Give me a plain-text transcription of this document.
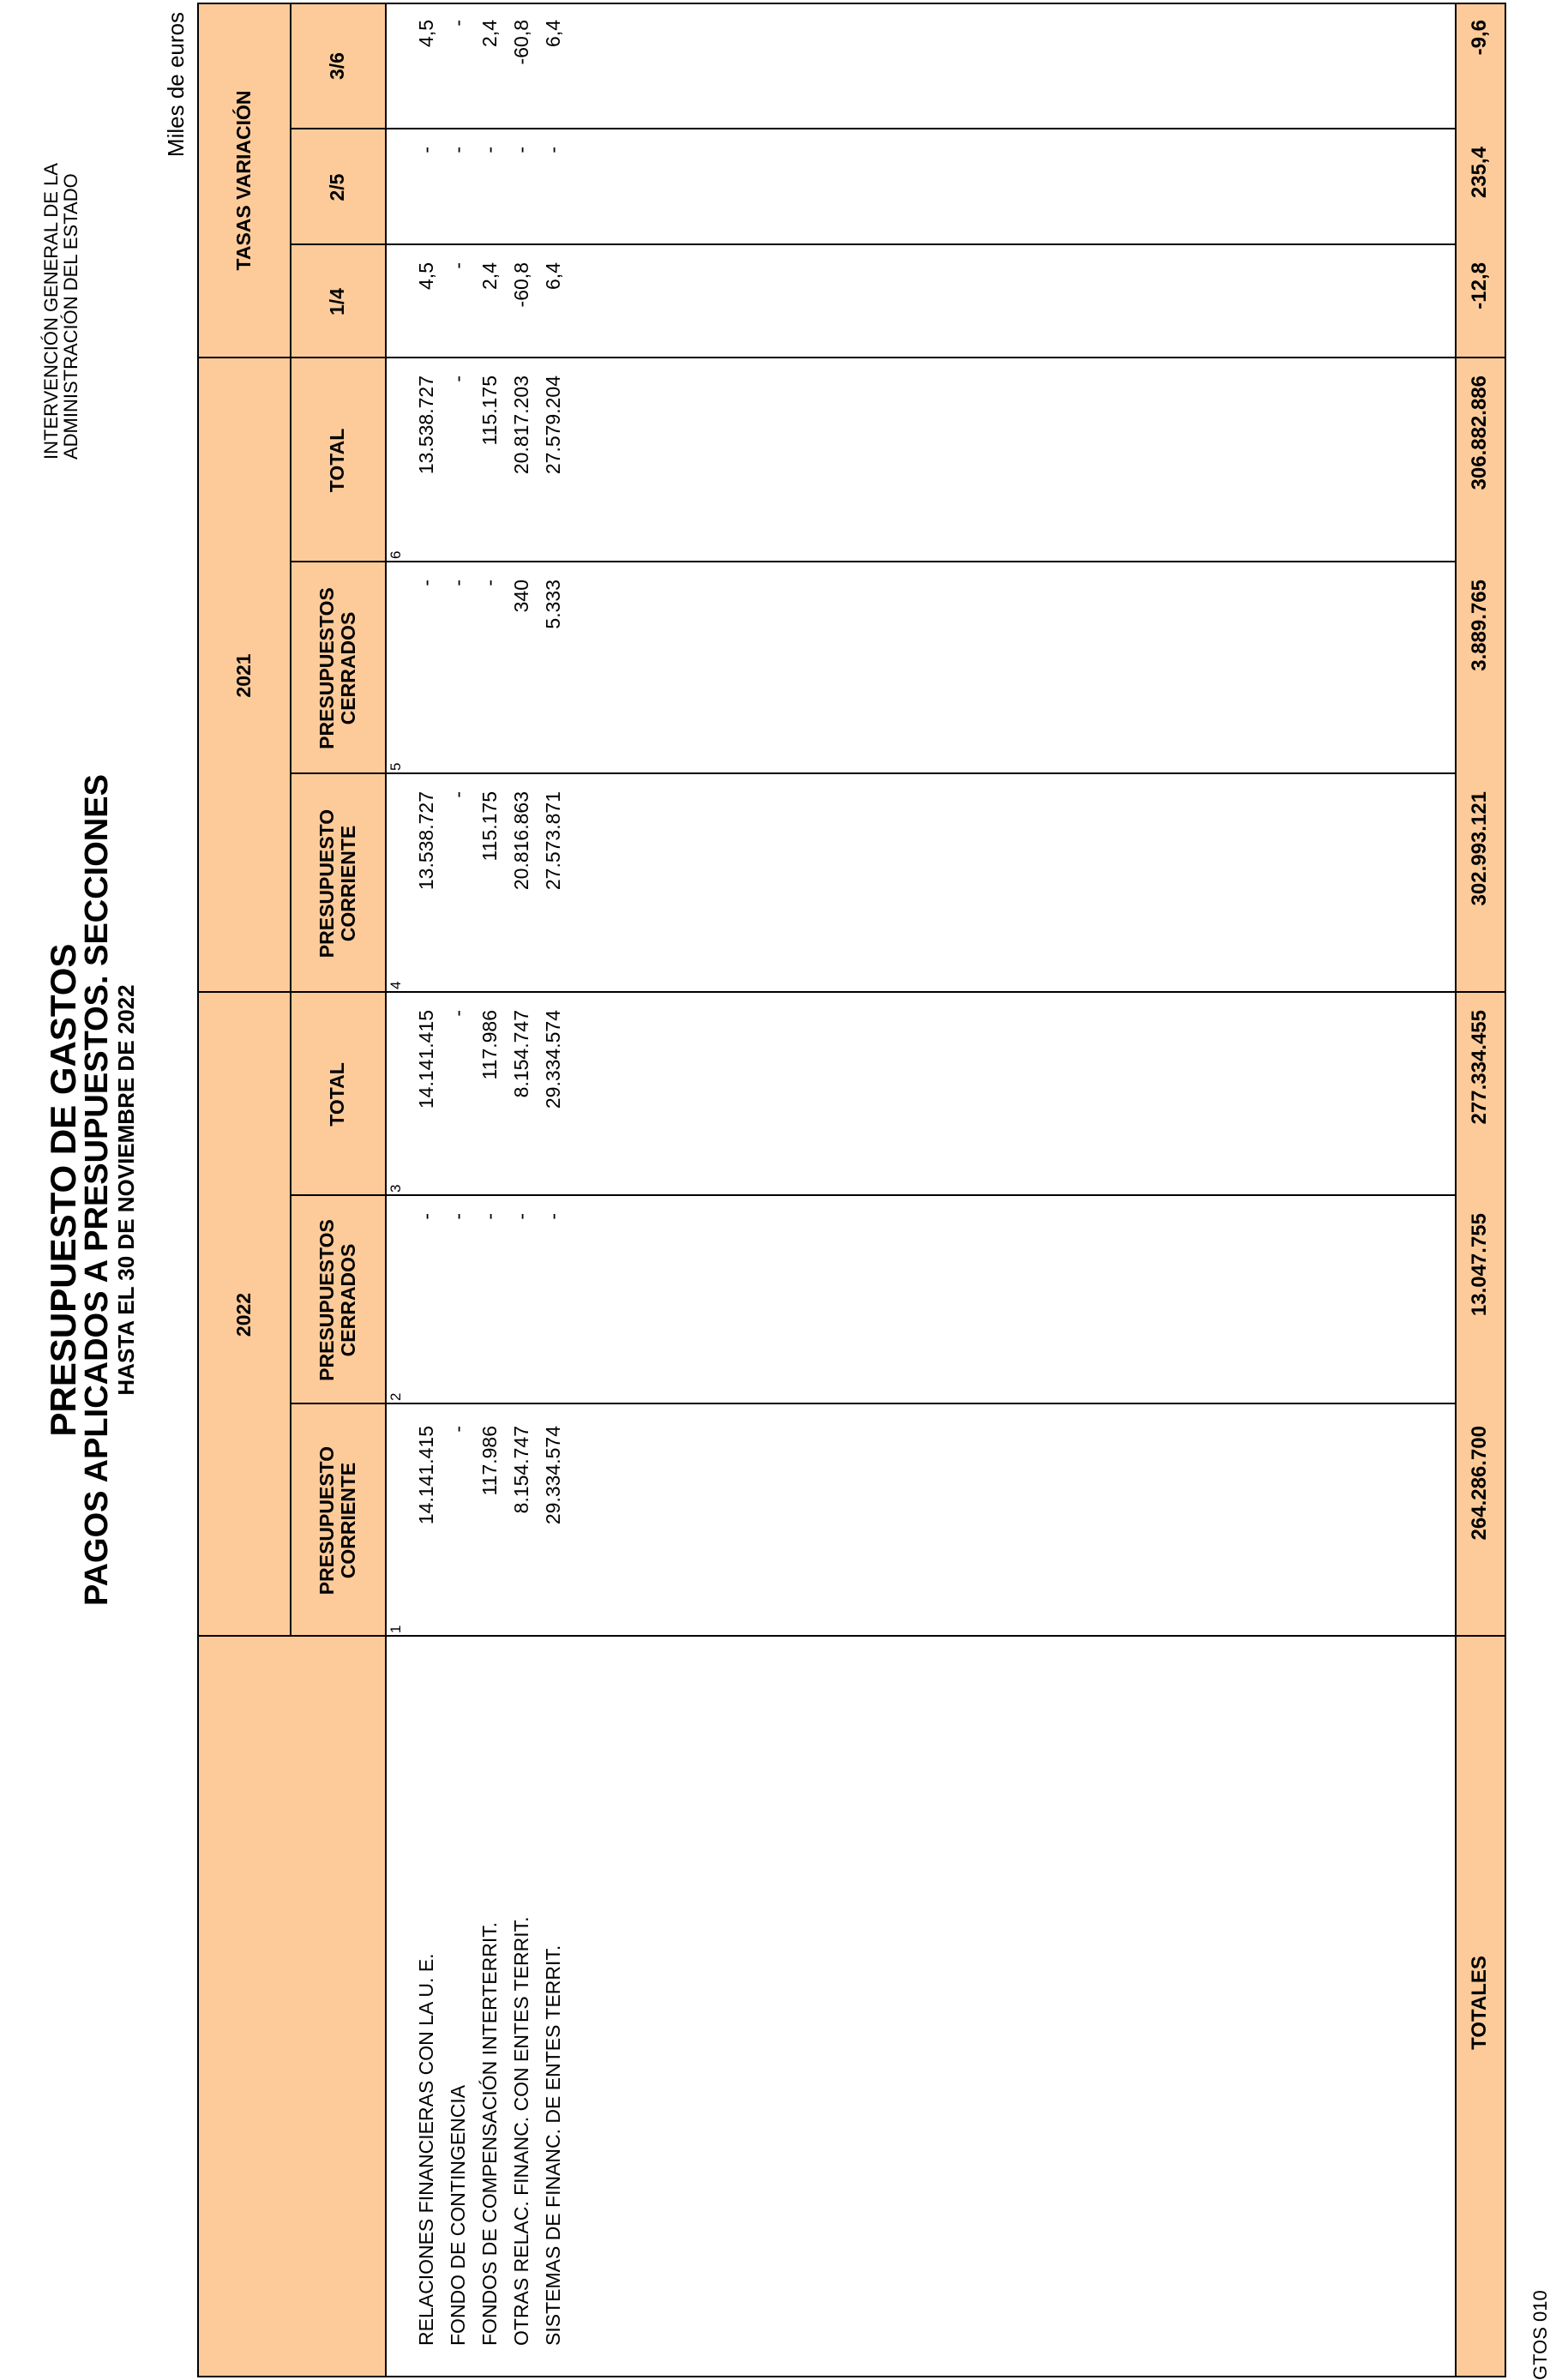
PRESUPUESTO DE GASTOS
PAGOS APLICADOS A PRESUPUESTOS. SECCIONES
HASTA EL 30 DE NOVIEMBRE DE 2022
INTERVENCIÓN GENERAL DE LA
ADMINISTRACIÓN DEL ESTADO
Miles de euros
GTOS 010
2022
2021
TASAS VARIACIÓN
PRESUPUESTO CORRIENTE
PRESUPUESTOS CERRADOS
TOTAL
PRESUPUESTO CORRIENTE
PRESUPUESTOS CERRADOS
TOTAL
1/4
2/5
3/6
1
2
3
4
5
6
RELACIONES FINANCIERAS CON LA U. E.
14.141.415
-
14.141.415
13.538.727
-
13.538.727
4,5
-
4,5
FONDO DE CONTINGENCIA
-
-
-
-
-
-
-
-
-
FONDOS DE COMPENSACIÓN INTERTERRIT.
117.986
-
117.986
115.175
-
115.175
2,4
-
2,4
OTRAS RELAC. FINANC. CON ENTES TERRIT.
8.154.747
-
8.154.747
20.816.863
340
20.817.203
-60,8
-
-60,8
SISTEMAS DE FINANC. DE ENTES TERRIT.
29.334.574
-
29.334.574
27.573.871
5.333
27.579.204
6,4
-
6,4
TOTALES
264.286.700
13.047.755
277.334.455
302.993.121
3.889.765
306.882.886
-12,8
235,4
-9,6
